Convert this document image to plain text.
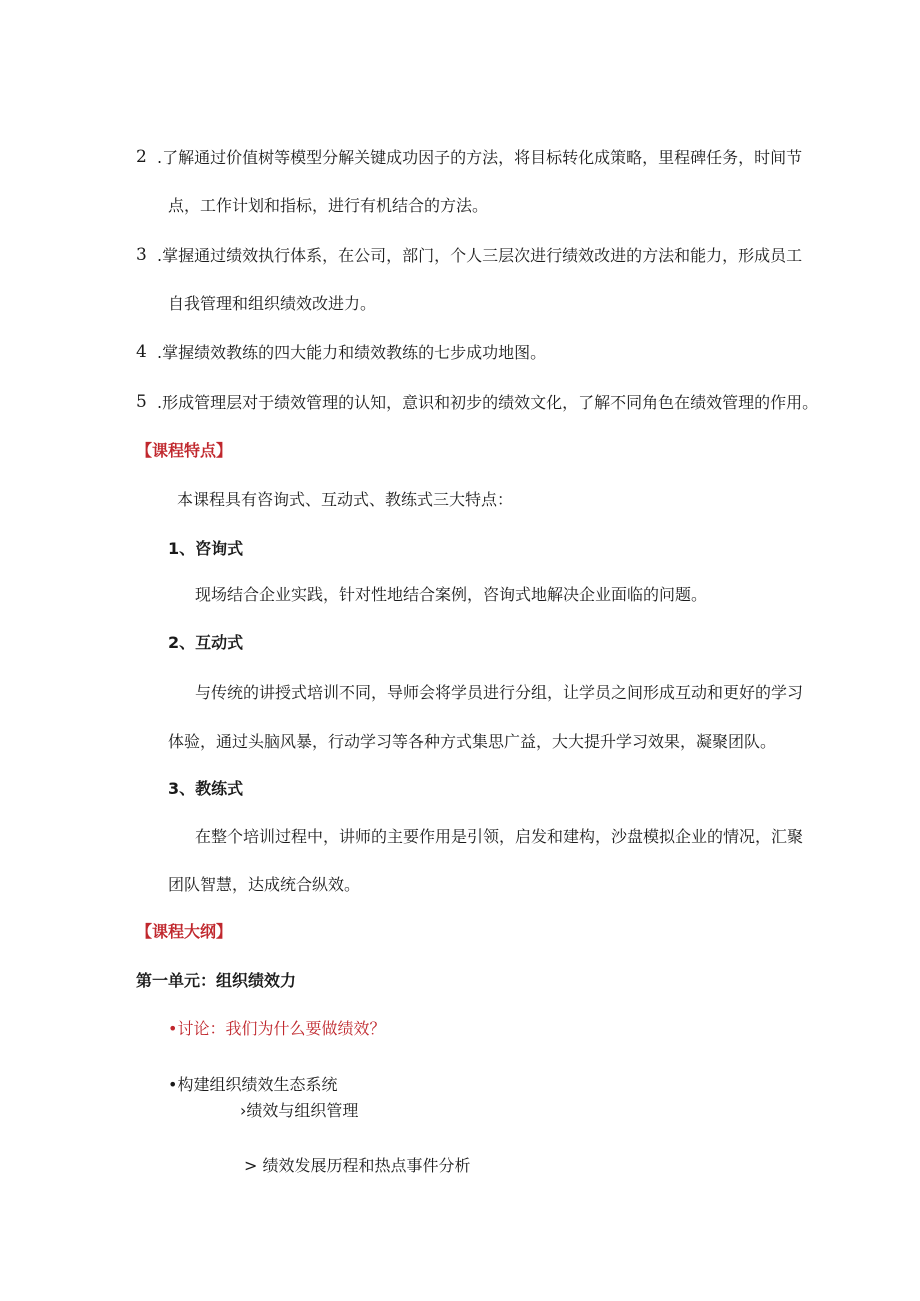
2 .了解通过价值树等模型分解关键成功因子的方法，将目标转化成策略，里程碑任务，时间节
点，工作计划和指标，进行有机结合的方法。
3 .掌握通过绩效执行体系，在公司，部门，个人三层次进行绩效改进的方法和能力，形成员工
自我管理和组织绩效改进力。
4 .掌握绩效教练的四大能力和绩效教练的七步成功地图。
5 .形成管理层对于绩效管理的认知，意识和初步的绩效文化，了解不同角色在绩效管理的作用。
【课程特点】
本课程具有咨询式、互动式、教练式三大特点：
1、咨询式
现场结合企业实践，针对性地结合案例，咨询式地解决企业面临的问题。
2、互动式
与传统的讲授式培训不同，导师会将学员进行分组，让学员之间形成互动和更好的学习
体验，通过头脑风暴，行动学习等各种方式集思广益，大大提升学习效果，凝聚团队。
3、教练式
在整个培训过程中，讲师的主要作用是引领，启发和建构，沙盘模拟企业的情况，汇聚
团队智慧，达成统合纵效。
【课程大纲】
第一单元：组织绩效力
•讨论：我们为什么要做绩效？
•构建组织绩效生态系统
›绩效与组织管理
> 绩效发展历程和热点事件分析
